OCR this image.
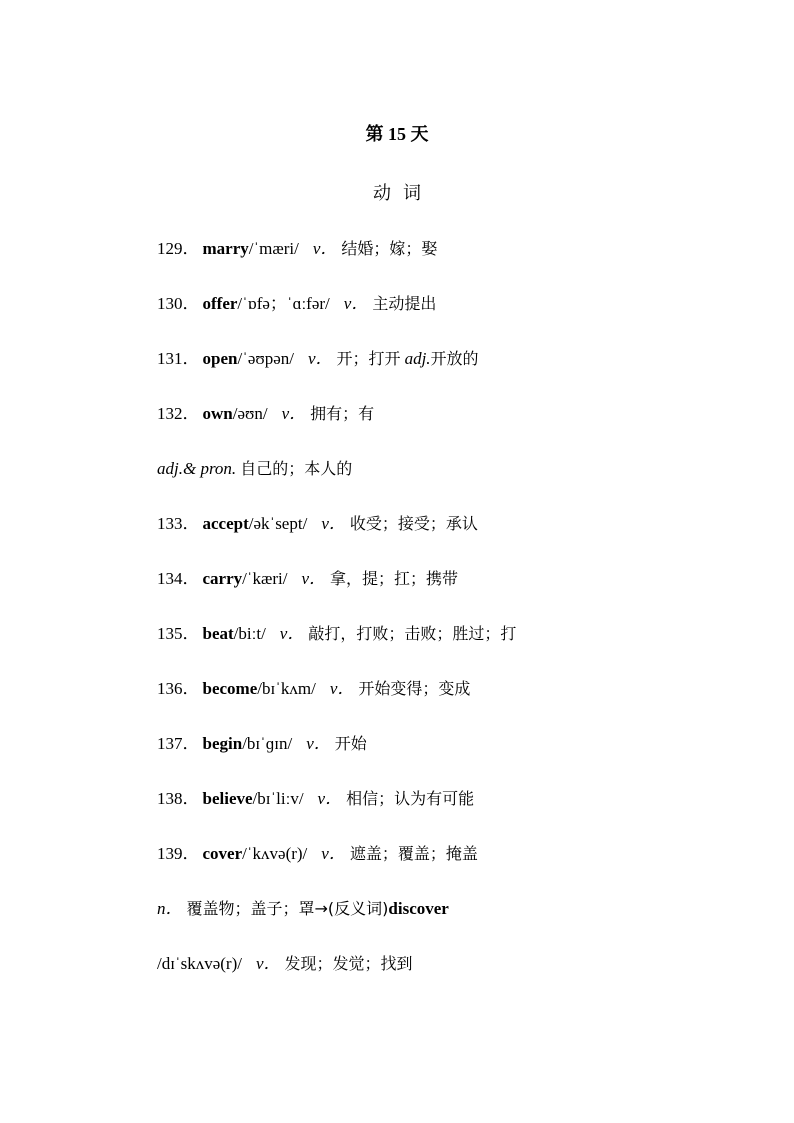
第 15 天
动词
129． marry/ˈmæri/ v． 结婚；嫁；娶
130． offer/ˈɒfə；ˈɑːfər/ v． 主动提出
131． open/ˈəʊpən/ v． 开；打开 adj.开放的
132． own/əʊn/ v． 拥有；有
adj.& pron. 自己的；本人的
133． accept/əkˈsept/ v． 收受；接受；承认
134． carry/ˈkæri/ v． 拿，提；扛；携带
135． beat/biːt/ v． 敲打，打败；击败；胜过；打
136． become/bɪˈkʌm/ v． 开始变得；变成
137． begin/bɪˈɡɪn/ v． 开始
138． believe/bɪˈliːv/ v． 相信；认为有可能
139． cover/ˈkʌvə(r)/ v． 遮盖；覆盖；掩盖
n． 覆盖物；盖子；罩→(反义词)discover
/dɪˈskʌvə(r)/ v． 发现；发觉；找到
